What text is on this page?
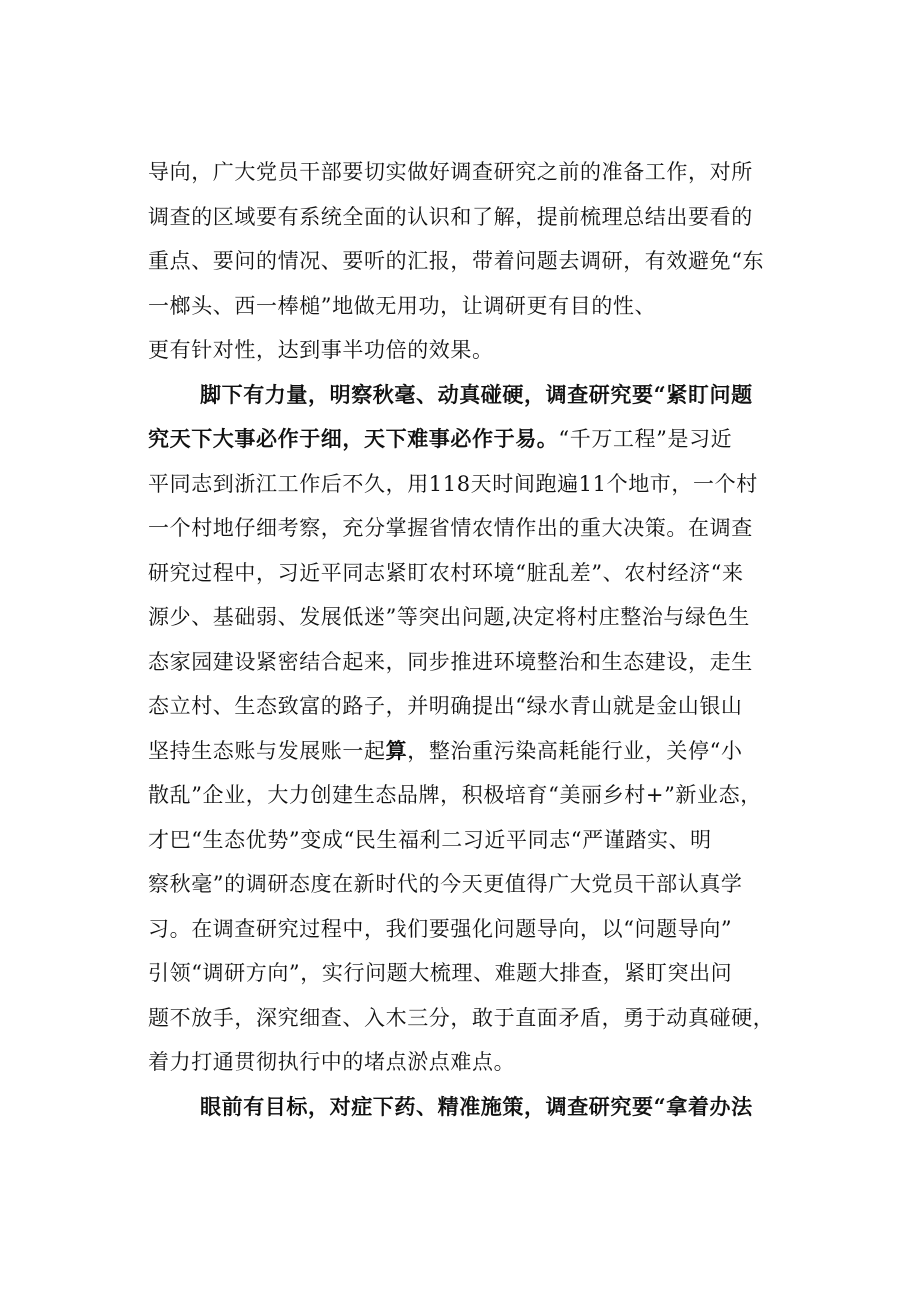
导向，广大党员干部要切实做好调查研究之前的准备工作，对所
调查的区域要有系统全面的认识和了解，提前梳理总结出要看的
重点、要问的情况、要听的汇报，带着问题去调研，有效避免“东
一榔头、西一棒槌”地做无用功，让调研更有目的性、
更有针对性，达到事半功倍的效果。
脚下有力量，明察秋毫、动真碰硬，调查研究要“紧盯问题
究天下大事必作于细，天下难事必作于易。“千万工程”是习近
平同志到浙江工作后不久，用118天时间跑遍11个地市，一个村
一个村地仔细考察，充分掌握省情农情作出的重大决策。在调查
研究过程中，习近平同志紧盯农村环境“脏乱差”、农村经济“来
源少、基础弱、发展低迷”等突出问题,决定将村庄整治与绿色生
态家园建设紧密结合起来，同步推进环境整治和生态建设，走生
态立村、生态致富的路子，并明确提出“绿水青山就是金山银山
坚持生态账与发展账一起算，整治重污染高耗能行业，关停“小
散乱”企业，大力创建生态品牌，积极培育“美丽乡村+”新业态，
才巴“生态优势”变成“民生福利二习近平同志“严谨踏实、明
察秋毫”的调研态度在新时代的今天更值得广大党员干部认真学
习。在调查研究过程中，我们要强化问题导向，以“问题导向”
引领“调研方向”，实行问题大梳理、难题大排查，紧盯突出问
题不放手，深究细查、入木三分，敢于直面矛盾，勇于动真碰硬，
着力打通贯彻执行中的堵点淤点难点。
眼前有目标，对症下药、精准施策，调查研究要“拿着办法
